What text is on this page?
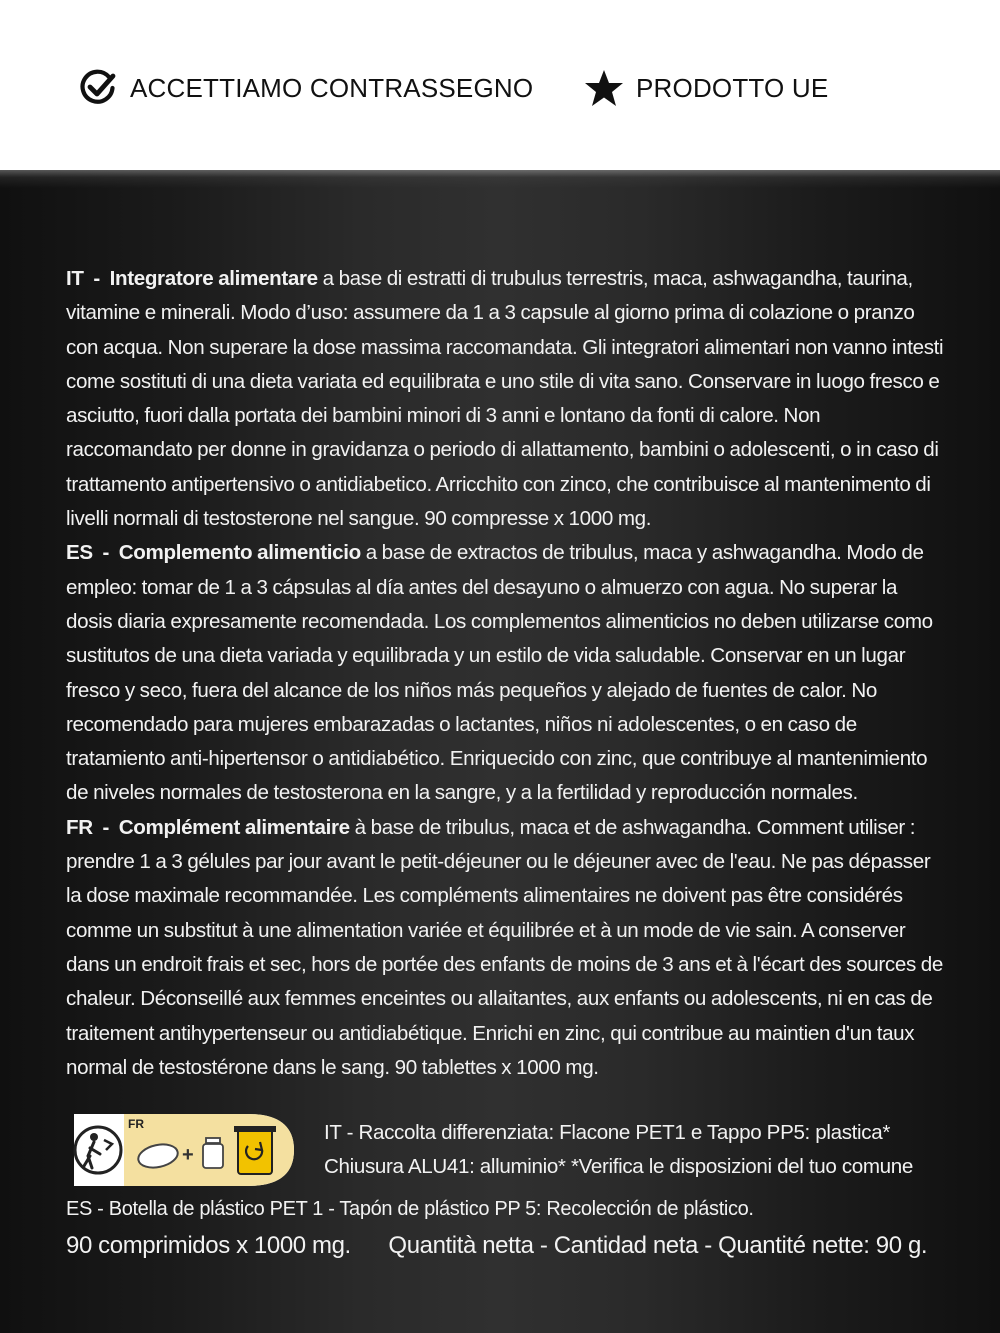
ACCETTIAMO CONTRASSEGNO	PRODOTTO UE

IT  -  Integratore alimentare a base di estratti di trubulus terrestris, maca, ashwagandha, taurina, vitamine e minerali. Modo d’uso: assumere da 1 a 3 capsule al giorno prima di colazione o pranzo con acqua. Non superare la dose massima raccomandata. Gli integratori alimentari non vanno intesti come sostituti di una dieta variata ed equilibrata e uno stile di vita sano. Conservare in luogo fresco e asciutto, fuori dalla portata dei bambini minori di 3 anni e lontano da fonti di calore. Non raccomandato per donne in gravidanza o periodo di allattamento, bambini o adolescenti, o in caso di trattamento antipertensivo o antidiabetico. Arricchito con zinco, che contribuisce al mantenimento di livelli normali di testosterone nel sangue. 90 compresse x 1000 mg.

ES  -  Complemento alimenticio a base de extractos de tribulus, maca y ashwagandha. Modo de empleo: tomar de 1 a 3 cápsulas al día antes del desayuno o almuerzo con agua. No superar la dosis diaria expresamente recomendada. Los complementos alimenticios no deben utilizarse como sustitutos de una dieta variada y equilibrada y un estilo de vida saludable. Conservar en un lugar fresco y seco, fuera del alcance de los niños más pequeños y alejado de fuentes de calor. No recomendado para mujeres embarazadas o lactantes, niños ni adolescentes, o en caso de tratamiento anti-hipertensor o antidiabético. Enriquecido con zinc, que contribuye al mantenimiento de niveles normales de testosterona en la sangre, y a la fertilidad y reproducción normales.

FR  -  Complément alimentaire à base de tribulus, maca et de ashwagandha. Comment utiliser : prendre 1 a 3 gélules par jour avant le petit-déjeuner ou le déjeuner avec de l'eau. Ne pas dépasser la dose maximale recommandée. Les compléments alimentaires ne doivent pas être considérés comme un substitut à une alimentation variée et équilibrée et à un mode de vie sain. A conserver dans un endroit frais et sec, hors de portée des enfants de moins de 3 ans et à l'écart des sources de chaleur. Déconseillé aux femmes enceintes ou allaitantes, aux enfants ou adolescents, ni en cas de traitement antihypertenseur ou antidiabétique. Enrichi en zinc, qui contribue au maintien d'un taux normal de testostérone dans le sang. 90 tablettes x 1000 mg.

FR
+

IT - Raccolta differenziata: Flacone PET1 e Tappo PP5: plastica*

Chiusura ALU41: alluminio* *Verifica le disposizioni del tuo comune

ES - Botella de plástico PET 1 - Tapón de plástico PP 5: Recolección de plástico.
90 comprimidos x 1000 mg. Quantità netta - Cantidad neta - Quantité nette: 90 g.
